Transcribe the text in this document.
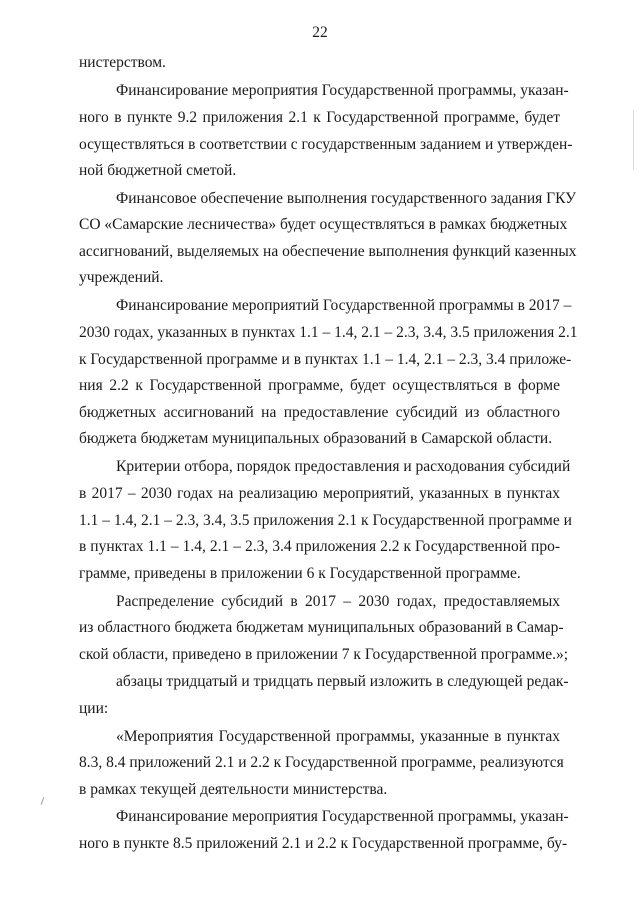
22
нистерством.
Финансирование мероприятия Государственной программы, указан-
ного в пункте 9.2 приложения 2.1 к Государственной программе, будет
осуществляться в соответствии с государственным заданием и утвержден-
ной бюджетной сметой.
Финансовое обеспечение выполнения государственного задания ГКУ
СО «Самарские лесничества» будет осуществляться в рамках бюджетных
ассигнований, выделяемых на обеспечение выполнения функций казенных
учреждений.
Финансирование мероприятий Государственной программы в 2017 –
2030 годах, указанных в пунктах 1.1 – 1.4, 2.1 – 2.3, 3.4, 3.5 приложения 2.1
к Государственной программе и в пунктах 1.1 – 1.4, 2.1 – 2.3, 3.4 приложе-
ния 2.2 к Государственной программе, будет осуществляться в форме
бюджетных ассигнований на предоставление субсидий из областного
бюджета бюджетам муниципальных образований в Самарской области.
Критерии отбора, порядок предоставления и расходования субсидий
в 2017 – 2030 годах на реализацию мероприятий, указанных в пунктах
1.1 – 1.4, 2.1 – 2.3, 3.4, 3.5 приложения 2.1 к Государственной программе и
в пунктах 1.1 – 1.4, 2.1 – 2.3, 3.4 приложения 2.2 к Государственной про-
грамме, приведены в приложении 6 к Государственной программе.
Распределение субсидий в 2017 – 2030 годах, предоставляемых
из областного бюджета бюджетам муниципальных образований в Самар-
ской области, приведено в приложении 7 к Государственной программе.»;
абзацы тридцатый и тридцать первый изложить в следующей редак-
ции:
«Мероприятия Государственной программы, указанные в пунктах
8.3, 8.4 приложений 2.1 и 2.2 к Государственной программе, реализуются
в рамках текущей деятельности министерства.
Финансирование мероприятия Государственной программы, указан-
ного в пункте 8.5 приложений 2.1 и 2.2 к Государственной программе, бу-
